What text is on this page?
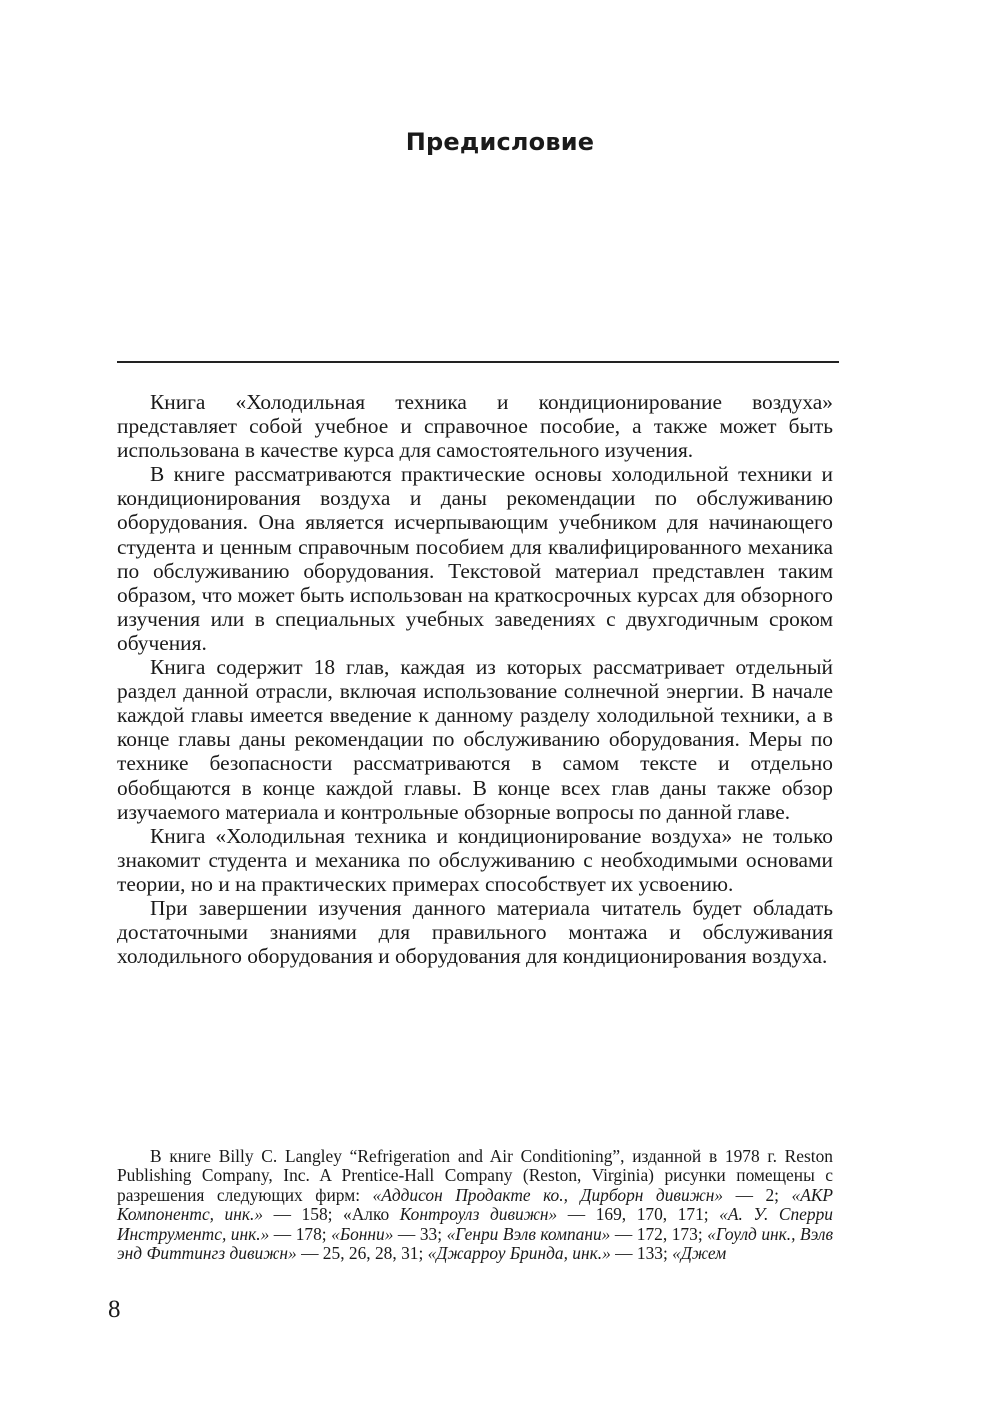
Предисловие

Книга «Холодильная техника и кондиционирование воздуха» представляет собой учебное и справочное пособие, а также может быть использована в качестве курса для самостоятельного изучения.

В книге рассматриваются практические основы холодильной техники и кондиционирования воздуха и даны рекомендации по обслуживанию оборудования. Она является исчерпывающим учебником для начинающего студента и ценным справочным пособием для квалифицированного механика по обслуживанию оборудования. Текстовой материал представлен таким образом, что может быть использован на краткосрочных курсах для обзорного изучения или в специальных учебных заведениях с двухгодичным сроком обучения.

Книга содержит 18 глав, каждая из которых рассматривает отдельный раздел данной отрасли, включая использование солнечной энергии. В начале каждой главы имеется введение к данному разделу холодильной техники, а в конце главы даны рекомендации по обслуживанию оборудования. Меры по технике безопасности рассматриваются в самом тексте и отдельно обобщаются в конце каждой главы. В конце всех глав даны также обзор изучаемого материала и контрольные обзорные вопросы по данной главе.

Книга «Холодильная техника и кондиционирование воздуха» не только знакомит студента и механика по обслуживанию с необходимыми основами теории, но и на практических примерах способствует их усвоению.

При завершении изучения данного материала читатель будет обладать достаточными знаниями для правильного монтажа и обслуживания холодильного оборудования и оборудования для кондиционирования воздуха.

В книге Billy C. Langley “Refrigeration and Air Conditioning”, изданной в 1978 г. Reston Publishing Company, Inc. A Prentice-Hall Company (Reston, Virginia) рисунки помещены с разрешения следующих фирм: «Аддисон Продакте ко., Дирборн дивижн» — 2; «АКР Компонентс, инк.» — 158; «Алко Контроулз дивижн» — 169, 170, 171; «А. У. Сперри Инструментс, инк.» — 178; «Бонни» — 33; «Генри Вэлв компани» — 172, 173; «Гоулд инк., Вэлв энд Фиттингз дивижн» — 25, 26, 28, 31; «Джарроу Бринда, инк.» — 133; «Джем
8
